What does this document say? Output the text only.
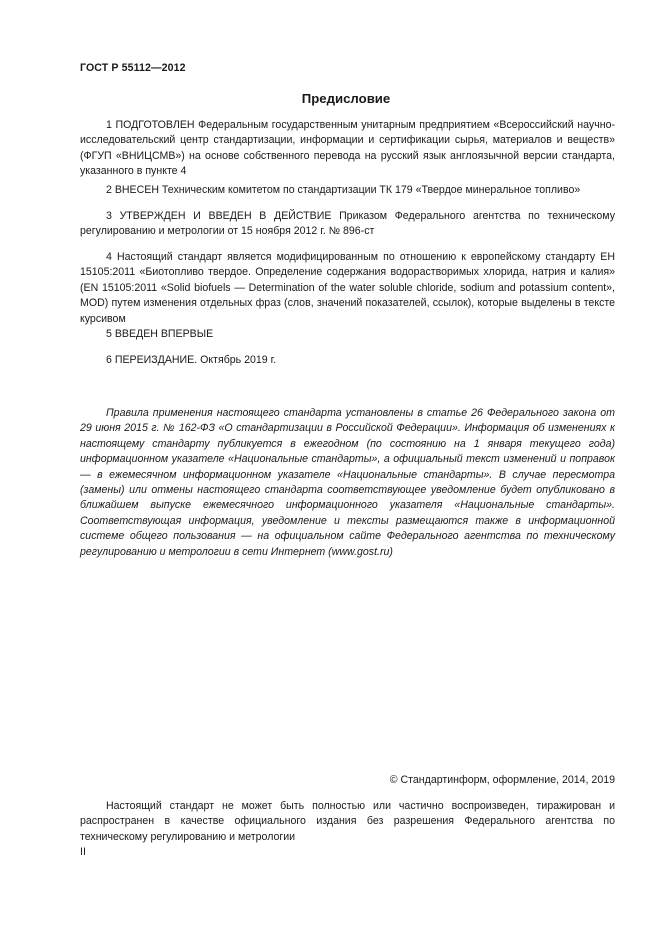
ГОСТ Р 55112—2012
Предисловие

1 ПОДГОТОВЛЕН Федеральным государственным унитарным предприятием «Всероссийский научно-исследовательский центр стандартизации, информации и сертификации сырья, материалов и веществ» (ФГУП «ВНИЦСМВ») на основе собственного перевода на русский язык англоязычной версии стандарта, указанного в пункте 4

2 ВНЕСЕН Техническим комитетом по стандартизации ТК 179 «Твердое минеральное топливо»

3 УТВЕРЖДЕН И ВВЕДЕН В ДЕЙСТВИЕ Приказом Федерального агентства по техническому регулированию и метрологии от 15 ноября 2012 г. № 896-ст

4 Настоящий стандарт является модифицированным по отношению к европейскому стандарту ЕН 15105:2011 «Биотопливо твердое. Определение содержания водорастворимых хлорида, натрия и калия» (EN 15105:2011 «Solid biofuels — Determination of the water soluble chloride, sodium and potassium content», MOD) путем изменения отдельных фраз (слов, значений показателей, ссылок), которые выделены в тексте курсивом

5 ВВЕДЕН ВПЕРВЫЕ

6 ПЕРЕИЗДАНИЕ. Октябрь 2019 г.

Правила применения настоящего стандарта установлены в статье 26 Федерального закона от 29 июня 2015 г. № 162-ФЗ «О стандартизации в Российской Федерации». Информация об изменениях к настоящему стандарту публикуется в ежегодном (по состоянию на 1 января текущего года) информационном указателе «Национальные стандарты», а официальный текст изменений и поправок — в ежемесячном информационном указателе «Национальные стандарты». В случае пересмотра (замены) или отмены настоящего стандарта соответствующее уведомление будет опубликовано в ближайшем выпуске ежемесячного информационного указателя «Национальные стандарты». Соответствующая информация, уведомление и тексты размещаются также в информационной системе общего пользования — на официальном сайте Федерального агентства по техническому регулированию и метрологии в сети Интернет (www.gost.ru)

© Стандартинформ, оформление, 2014, 2019

Настоящий стандарт не может быть полностью или частично воспроизведен, тиражирован и распространен в качестве официального издания без разрешения Федерального агентства по техническому регулированию и метрологии

II
